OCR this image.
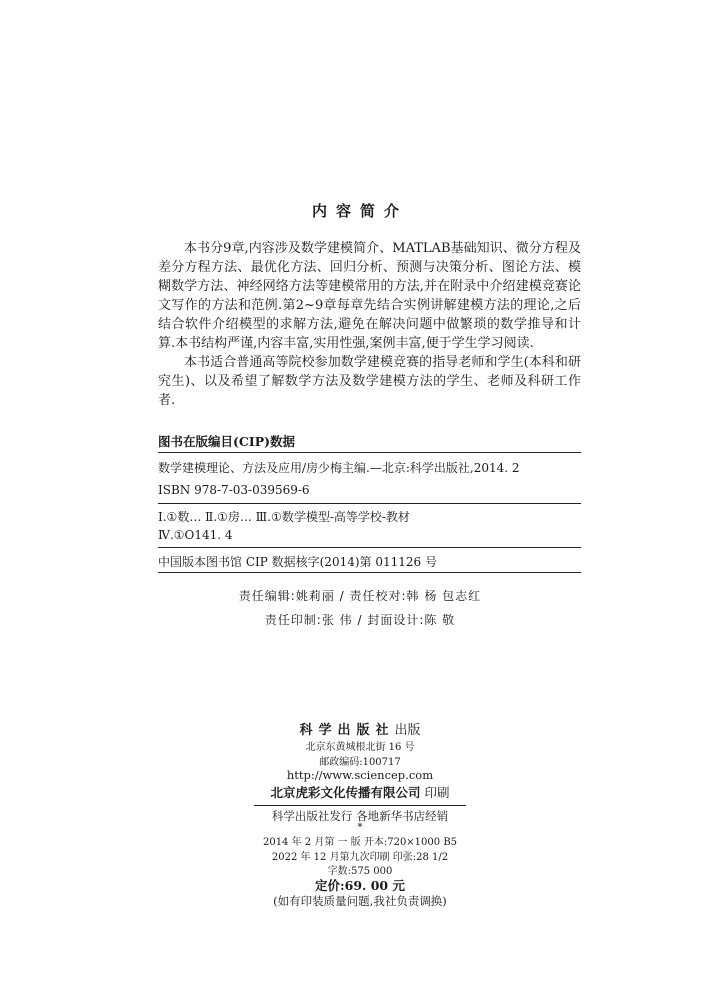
内容简介

本书分9章,内容涉及数学建模简介、MATLAB基础知识、微分方程及差分方程方法、最优化方法、回归分析、预测与决策分析、图论方法、模糊数学方法、神经网络方法等建模常用的方法,并在附录中介绍建模竞赛论文写作的方法和范例.第2~9章每章先结合实例讲解建模方法的理论,之后结合软件介绍模型的求解方法,避免在解决问题中做繁琐的数学推导和计算.本书结构严谨,内容丰富,实用性强,案例丰富,便于学生学习阅读.

本书适合普通高等院校参加数学建模竞赛的指导老师和学生(本科和研究生)、以及希望了解数学方法及数学建模方法的学生、老师及科研工作者.

图书在版编目(CIP)数据
数学建模理论、方法及应用/房少梅主编.—北京:科学出版社,2014. 2
ISBN 978-7-03-039569-6
Ⅰ.①数… Ⅱ.①房… Ⅲ.①数学模型-高等学校-教材
Ⅳ.①O141. 4
中国版本图书馆 CIP 数据核字(2014)第 011126 号
责任编辑:姚莉丽 / 责任校对:韩 杨 包志红
责任印制:张 伟 / 封面设计:陈 敬
科学出版社出版
北京东黄城根北街 16 号
邮政编码:100717
http://www.sciencep.com
北京虎彩文化传播有限公司 印刷
科学出版社发行 各地新华书店经销
*
2014 年 2 月第 一 版 开本:720×1000 B5
2022 年 12 月第九次印刷 印张:28 1/2
字数:575 000
定价:69. 00 元
(如有印装质量问题,我社负责调换)
